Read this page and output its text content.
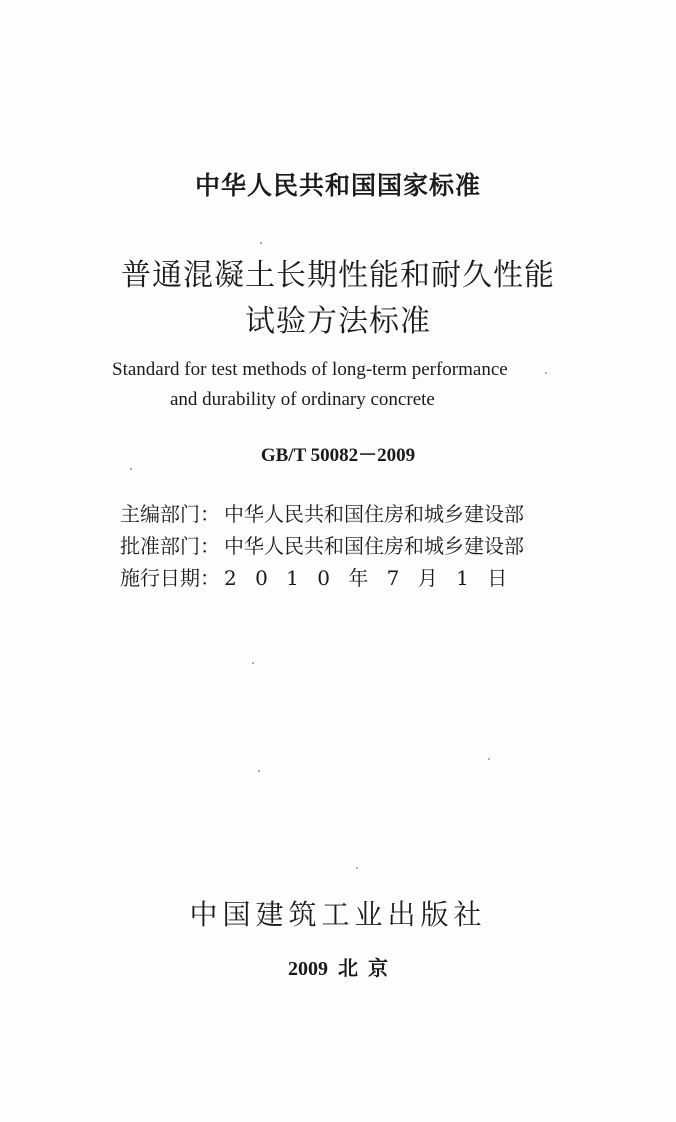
中华人民共和国国家标准
普通混凝土长期性能和耐久性能
试验方法标准
Standard for test methods of long-term performance
and durability of ordinary concrete
GB/T 50082－2009
主编部门： 中华人民共和国住房和城乡建设部
批准部门： 中华人民共和国住房和城乡建设部
施行日期： 2 0 1 0 年 7 月 1 日
中国建筑工业出版社
2009  北  京
